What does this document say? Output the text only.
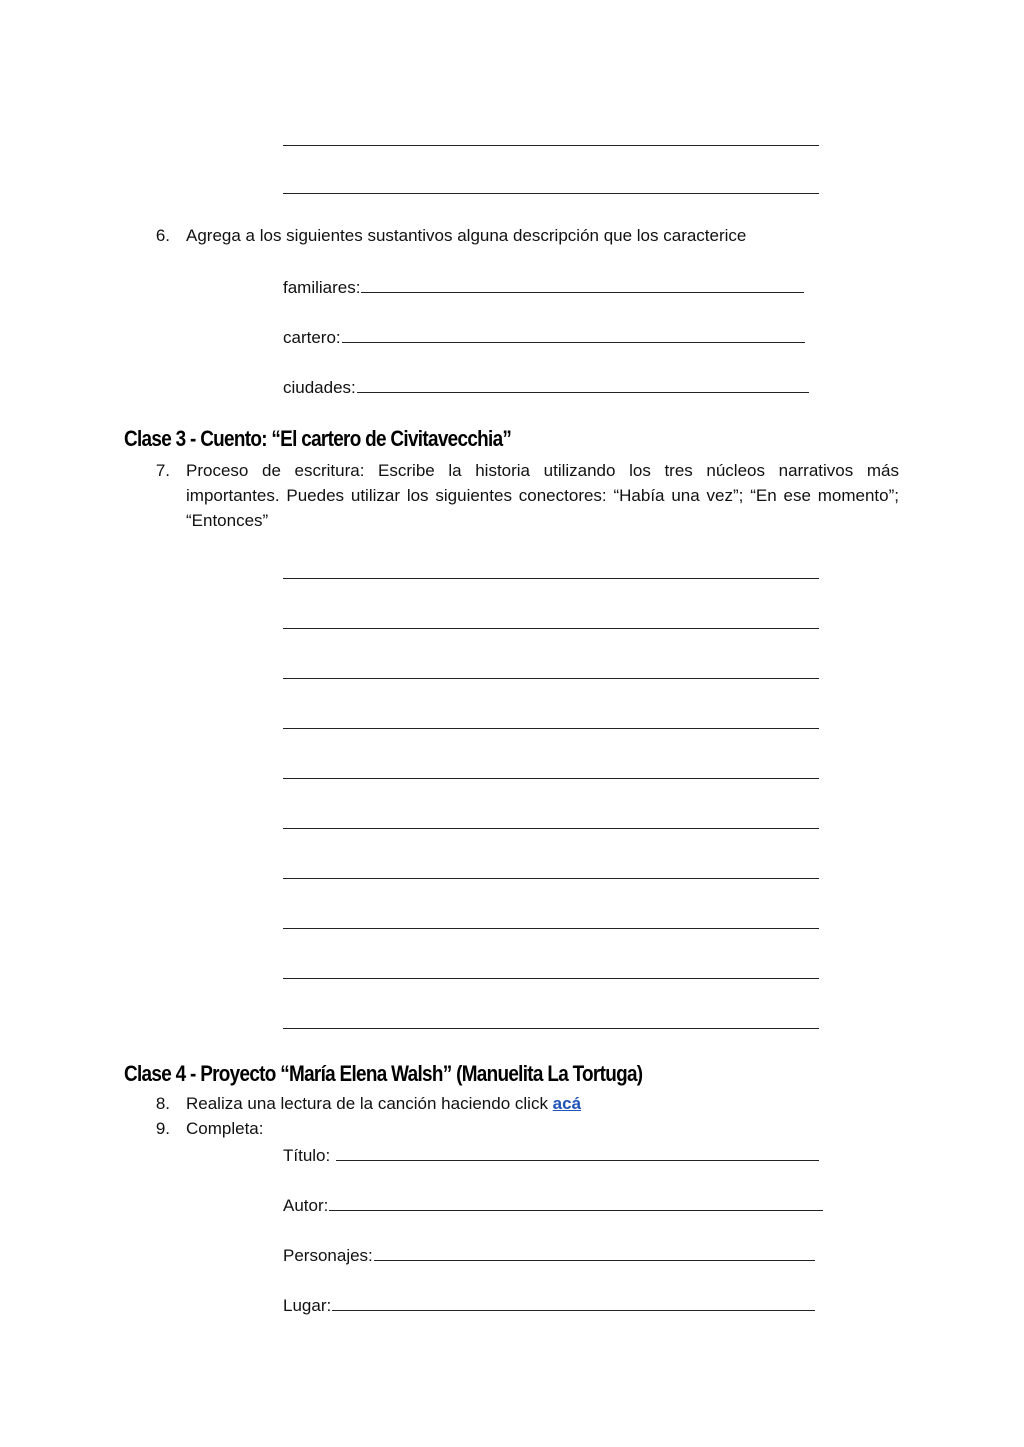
6. Agrega a los siguientes sustantivos alguna descripción que los caracterice
familiares:
cartero:
ciudades:
Clase 3 - Cuento: “El cartero de Civitavecchia”
7. Proceso de escritura: Escribe la historia utilizando los tres núcleos narrativos más importantes. Puedes utilizar los siguientes conectores: “Había una vez”; “En ese momento”; “Entonces”
Clase 4 - Proyecto “María Elena Walsh” (Manuelita La Tortuga)
8. Realiza una lectura de la canción haciendo click acá
9. Completa:
Título:
Autor:
Personajes:
Lugar:
